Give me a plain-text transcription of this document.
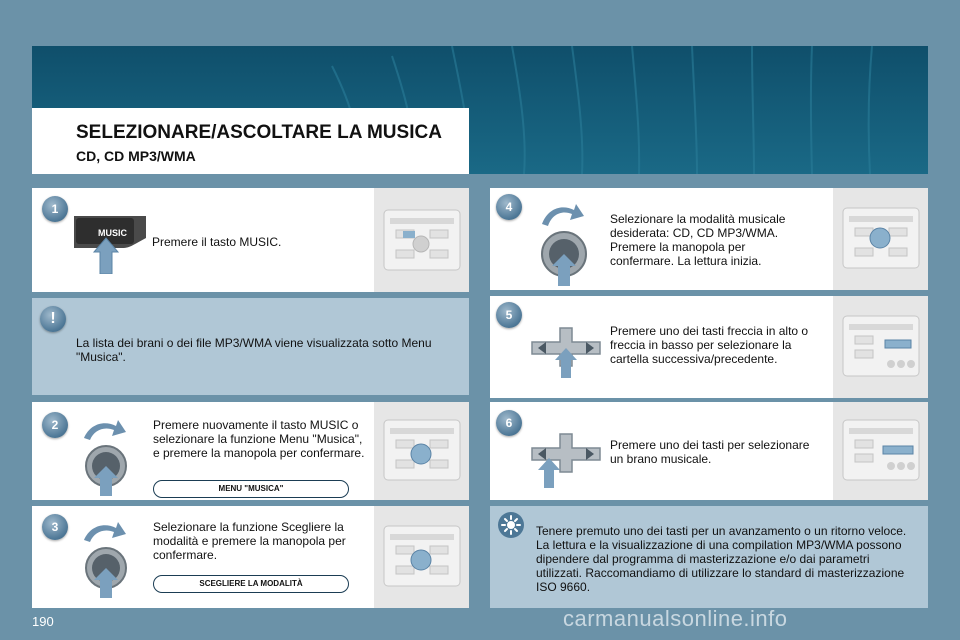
SELEZIONARE/ASCOLTARE LA MUSICA
CD, CD MP3/WMA
1
MUSIC
Premere il tasto MUSIC.
!
La lista dei brani o dei file MP3/WMA viene visualizzata sotto Menu "Musica".
2	Premere nuovamente il tasto MUSIC o selezionare la funzione Menu "Musica", e premere la manopola per confermare.
MENU "MUSICA"
3	Selezionare la funzione Scegliere la modalità e premere la manopola per confermare.
SCEGLIERE LA MODALITÀ
4
Selezionare la modalità musicale desiderata: CD, CD MP3/WMA. Premere la manopola per confermare. La lettura inizia.
5
Premere uno dei tasti freccia in alto o freccia in basso per selezionare la cartella successiva/precedente.
6
Premere uno dei tasti per selezionare un brano musicale.
Tenere premuto uno dei tasti per un avanzamento o un ritorno veloce. La lettura e la visualizzazione di una compilation MP3/WMA possono dipendere dal programma di masterizzazione e/o dai parametri utilizzati. Raccomandiamo di utilizzare lo standard di masterizzazione ISO 9660.
190	carmanualsonline.info
